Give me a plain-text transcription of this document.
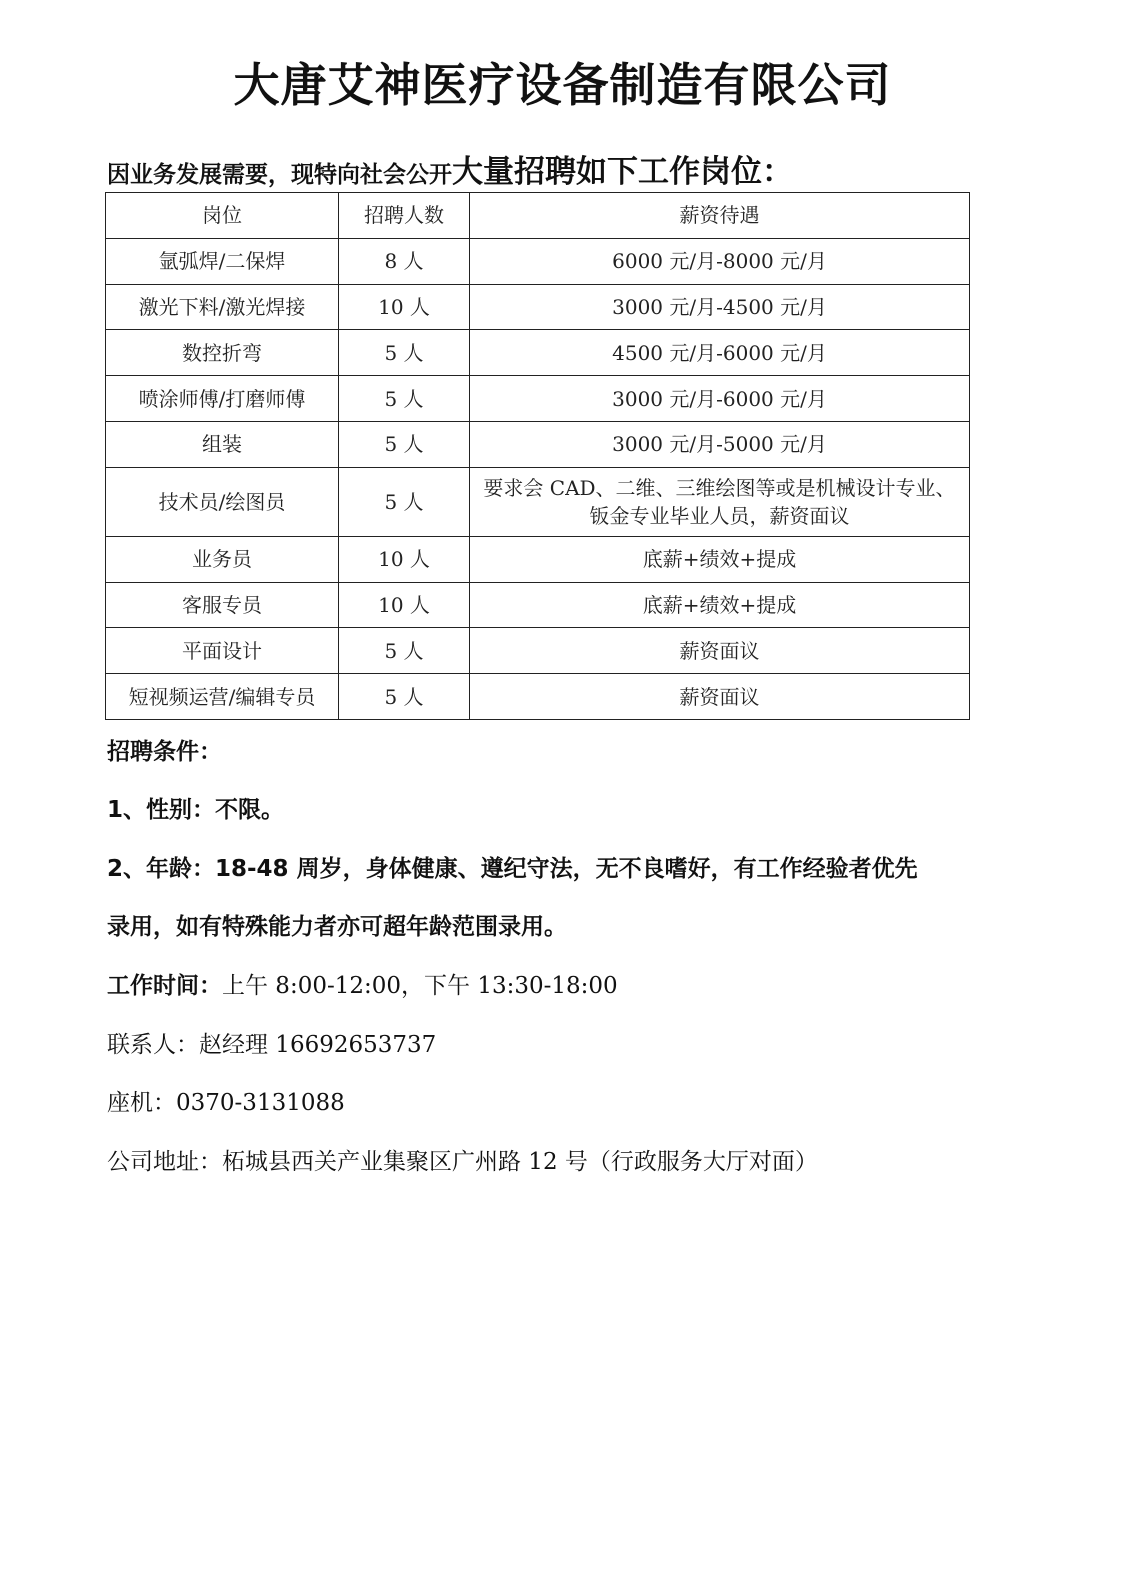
大唐艾神医疗设备制造有限公司
因业务发展需要，现特向社会公开大量招聘如下工作岗位：
岗位	招聘人数	薪资待遇
氩弧焊/二保焊	8 人	6000 元/月-8000 元/月
激光下料/激光焊接	10 人	3000 元/月-4500 元/月
数控折弯	5 人	4500 元/月-6000 元/月
喷涂师傅/打磨师傅	5 人	3000 元/月-6000 元/月
组装	5 人	3000 元/月-5000 元/月
技术员/绘图员	5 人	要求会 CAD、二维、三维绘图等或是机械设计专业、钣金专业毕业人员，薪资面议
业务员	10 人	底薪+绩效+提成
客服专员	10 人	底薪+绩效+提成
平面设计	5 人	薪资面议
短视频运营/编辑专员	5 人	薪资面议
招聘条件：
1、性别：不限。
2、年龄：18-48 周岁，身体健康、遵纪守法，无不良嗜好，有工作经验者优先
录用，如有特殊能力者亦可超年龄范围录用。
工作时间：上午 8:00-12:00，下午 13:30-18:00
联系人：赵经理 16692653737
座机：0370-3131088
公司地址：柘城县西关产业集聚区广州路 12 号（行政服务大厅对面）
